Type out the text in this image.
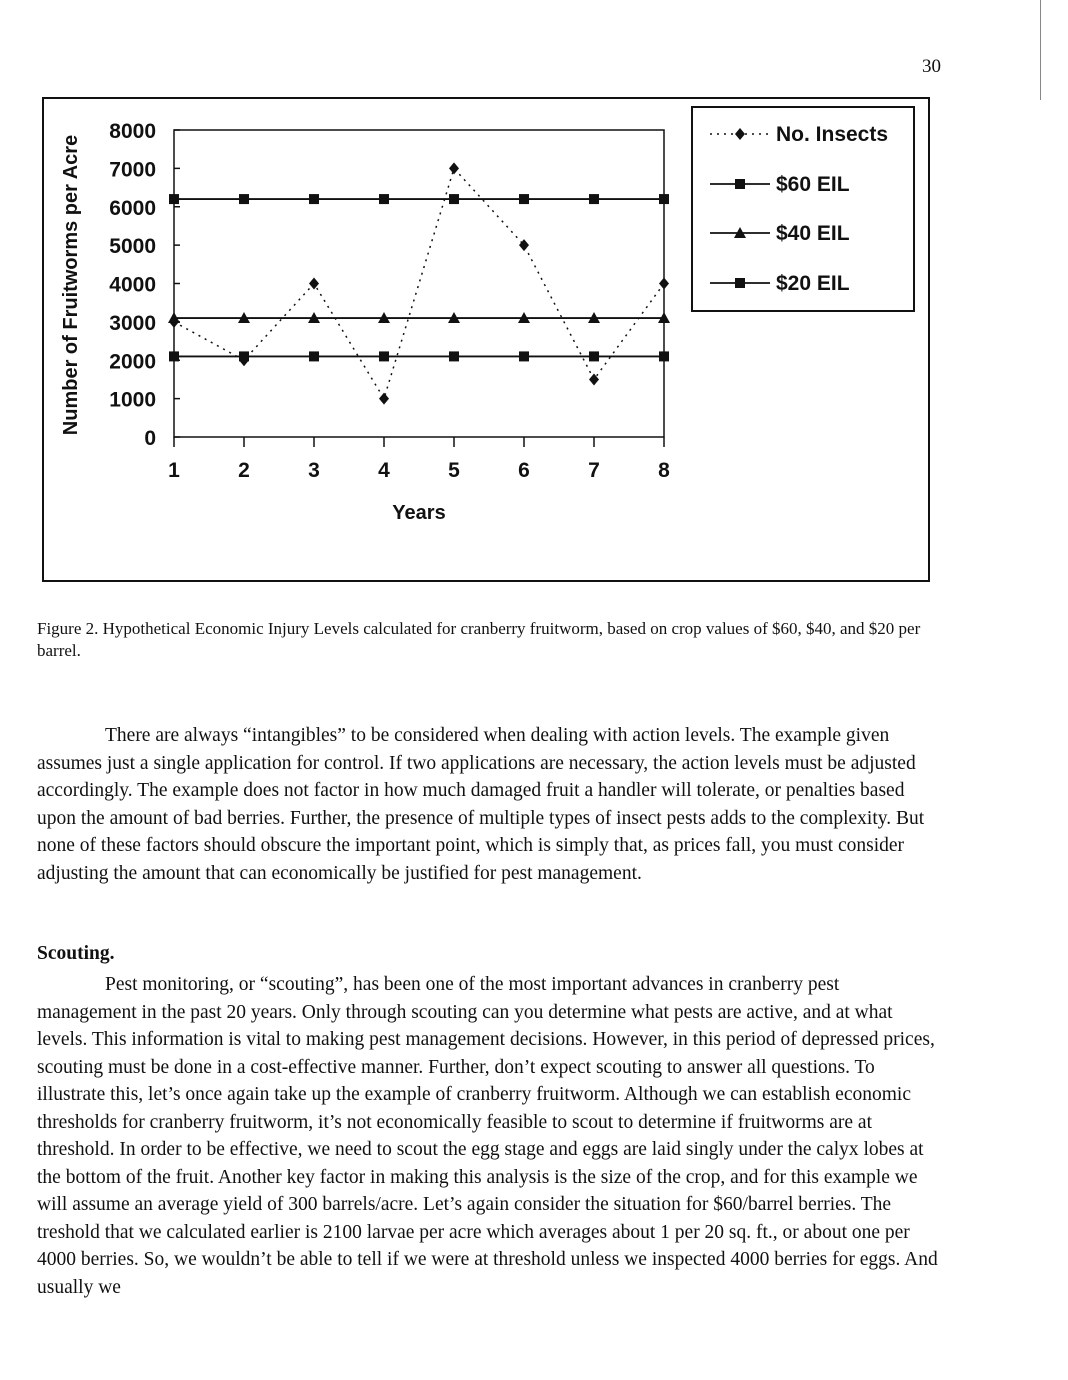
30
0
1000
2000
3000
4000
5000
6000
7000
8000
1	2	3	4	5	6	7	8
Number of Fruitworms per Acre
Years
No. Insects
$60 EIL
$40 EIL
$20 EIL
Figure 2. Hypothetical Economic Injury Levels calculated for cranberry fruitworm, based on crop values of $60, $40, and $20 per barrel.
There are always “intangibles” to be considered when dealing with action levels. The example given assumes just a single application for control. If two applications are necessary, the action levels must be adjusted accordingly. The example does not factor in how much damaged fruit a handler will tolerate, or penalties based upon the amount of bad berries. Further, the presence of multiple types of insect pests adds to the complexity. But none of these factors should obscure the important point, which is simply that, as prices fall, you must consider adjusting the amount that can economically be justified for pest management.
Scouting.
Pest monitoring, or “scouting”, has been one of the most important advances in cranberry pest management in the past 20 years. Only through scouting can you determine what pests are active, and at what levels. This information is vital to making pest management decisions. However, in this period of depressed prices, scouting must be done in a cost-effective manner. Further, don’t expect scouting to answer all questions. To illustrate this, let’s once again take up the example of cranberry fruitworm. Although we can establish economic thresholds for cranberry fruitworm, it’s not economically feasible to scout to determine if fruitworms are at threshold. In order to be effective, we need to scout the egg stage and eggs are laid singly under the calyx lobes at the bottom of the fruit. Another key factor in making this analysis is the size of the crop, and for this example we will assume an average yield of 300 barrels/acre. Let’s again consider the situation for $60/barrel berries. The treshold that we calculated earlier is 2100 larvae per acre which averages about 1 per 20 sq. ft., or about one per 4000 berries. So, we wouldn’t be able to tell if we were at threshold unless we inspected 4000 berries for eggs. And usually we
